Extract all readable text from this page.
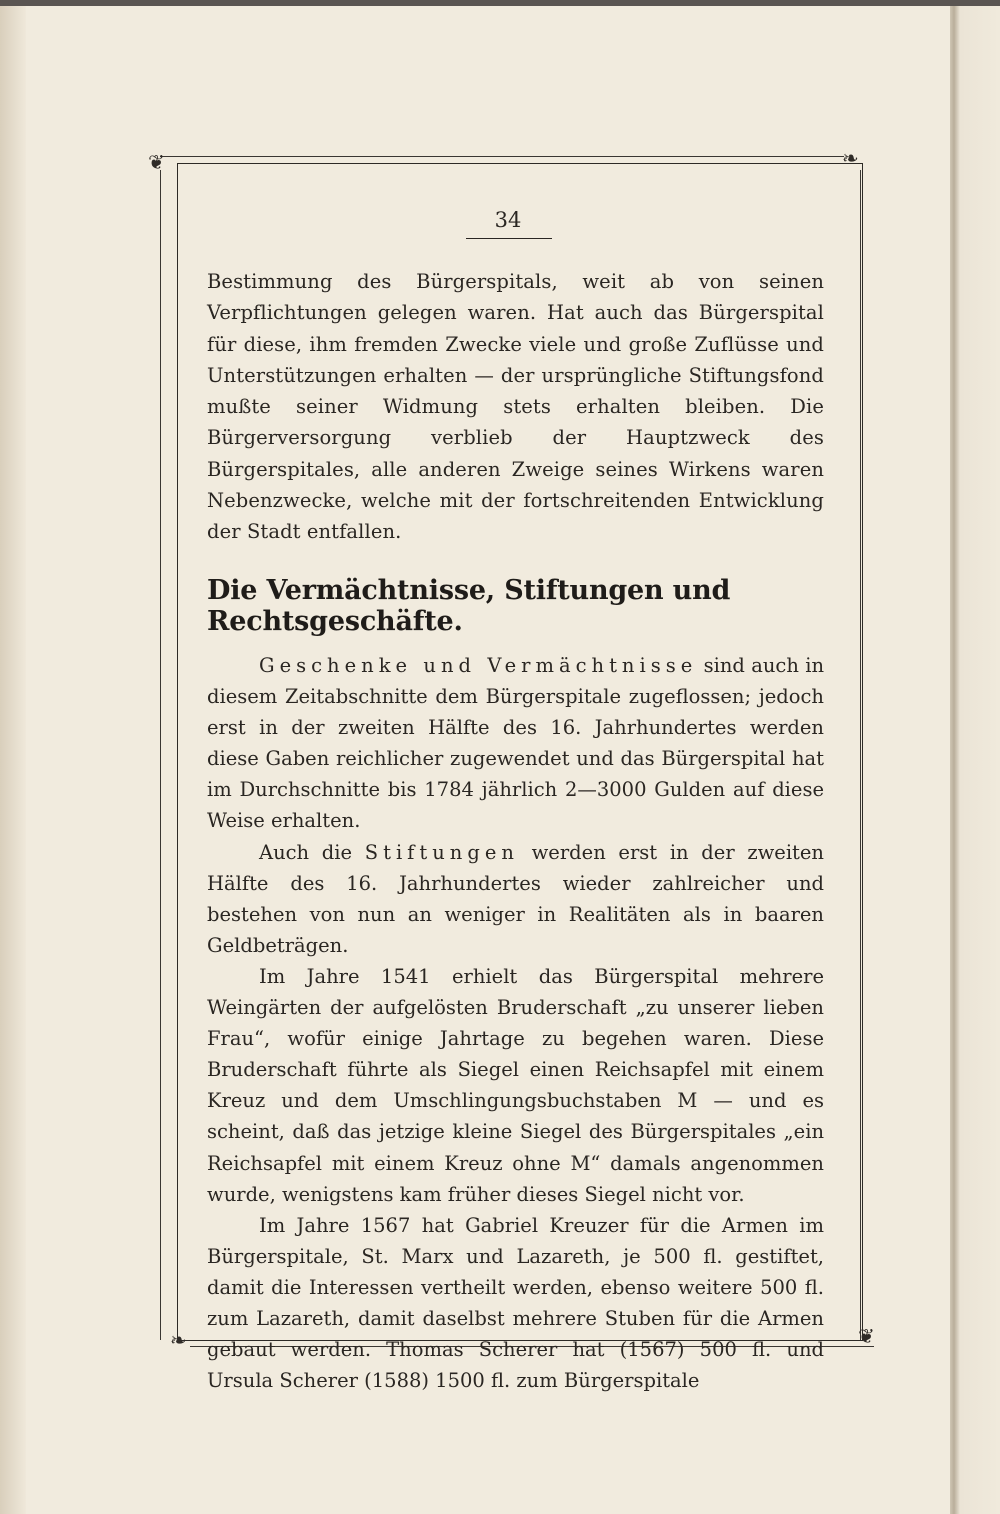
❦	❧
❧	❦
34
Bestimmung des Bürgerspitals, weit ab von seinen Verpflichtungen gelegen waren. Hat auch das Bürgerspital für diese, ihm fremden Zwecke viele und große Zuflüsse und Unterstützungen erhalten — der ursprüngliche Stiftungsfond mußte seiner Widmung stets erhalten bleiben. Die Bürgerversorgung verblieb der Hauptzweck des Bürgerspitales, alle anderen Zweige seines Wirkens waren Nebenzwecke, welche mit der fortschreitenden Entwicklung der Stadt entfallen.
Die Vermächtnisse, Stiftungen und Rechtsgeschäfte.

Geschenke und Vermächtnisse sind auch in diesem Zeitabschnitte dem Bürgerspitale zugeflossen; jedoch erst in der zweiten Hälfte des 16. Jahrhundertes werden diese Gaben reichlicher zugewendet und das Bürgerspital hat im Durchschnitte bis 1784 jährlich 2—3000 Gulden auf diese Weise erhalten.

Auch die Stiftungen werden erst in der zweiten Hälfte des 16. Jahrhundertes wieder zahlreicher und bestehen von nun an weniger in Realitäten als in baaren Geldbeträgen.

Im Jahre 1541 erhielt das Bürgerspital mehrere Weingärten der aufgelösten Bruderschaft „zu unserer lieben Frau“, wofür einige Jahrtage zu begehen waren. Diese Bruderschaft führte als Siegel einen Reichsapfel mit einem Kreuz und dem Umschlingungsbuchstaben M — und es scheint, daß das jetzige kleine Siegel des Bürgerspitales „ein Reichsapfel mit einem Kreuz ohne M“ damals angenommen wurde, wenigstens kam früher dieses Siegel nicht vor.

Im Jahre 1567 hat Gabriel Kreuzer für die Armen im Bürgerspitale, St. Marx und Lazareth, je 500 fl. gestiftet, damit die Interessen vertheilt werden, ebenso weitere 500 fl. zum Lazareth, damit daselbst mehrere Stuben für die Armen gebaut werden. Thomas Scherer hat (1567) 500 fl. und Ursula Scherer (1588) 1500 fl. zum Bürgerspitale
